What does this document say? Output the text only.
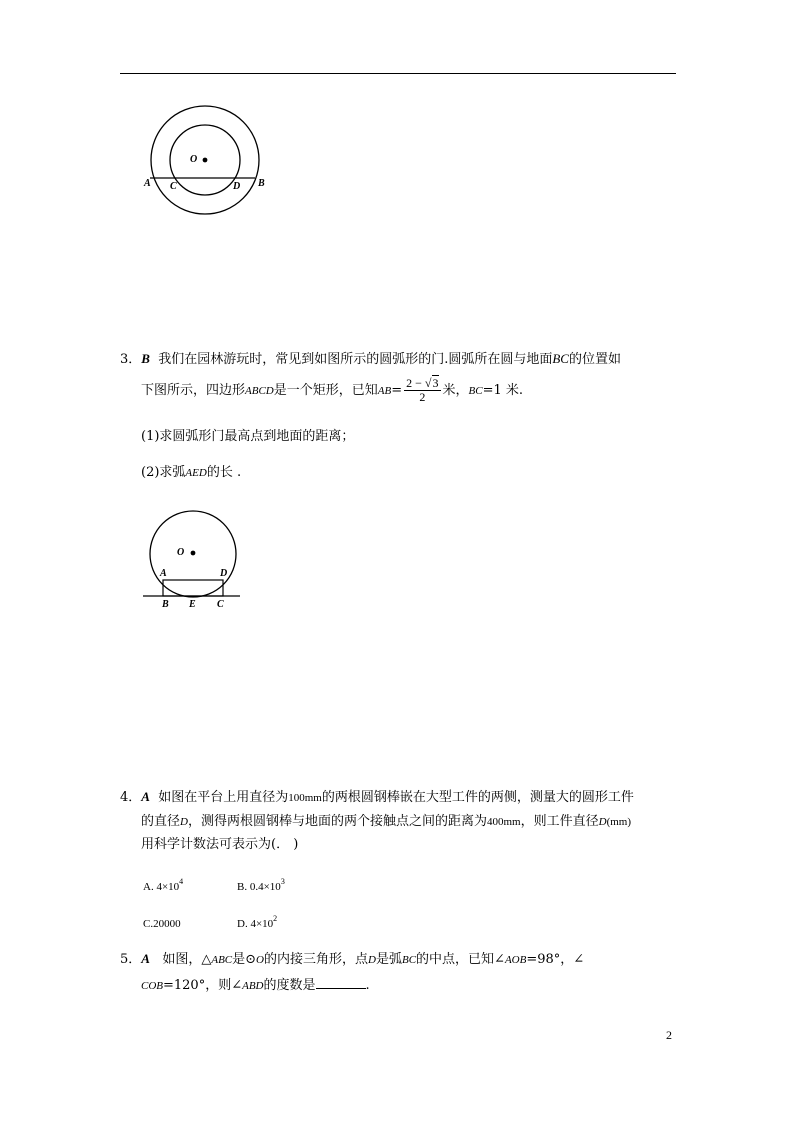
O
A C	D B
3．B 我们在园林游玩时，常见到如图所示的圆弧形的门.圆弧所在圆与地面BC的位置如
下图所示，四边形ABCD是一个矩形，已知$AB= \frac{2 - √3}{2}$ 米，BC=1 米.
(1)求圆弧形门最高点到地面的距离；
(2)求弧AED的长 .
O
A	D
B E C
4．A 如图在平台上用直径为100mm的两根圆钢棒嵌在大型工件的两侧，测量大的圆形工件
的直径D，测得两根圆钢棒与地面的两个接触点之间的距离为400mm，则工件直径D(mm)
用科学计数法可表示为(． )
A. $4\times 10^4$	B. $0.4\times 10^3$
C.20000	D. $4\times 10^2$
5．A 如图，△ABC是⊙O的内接三角形，点D是弧BC的中点，已知∠AOB=98°，∠
COB=120°，则∠ABD的度数是	.
2
